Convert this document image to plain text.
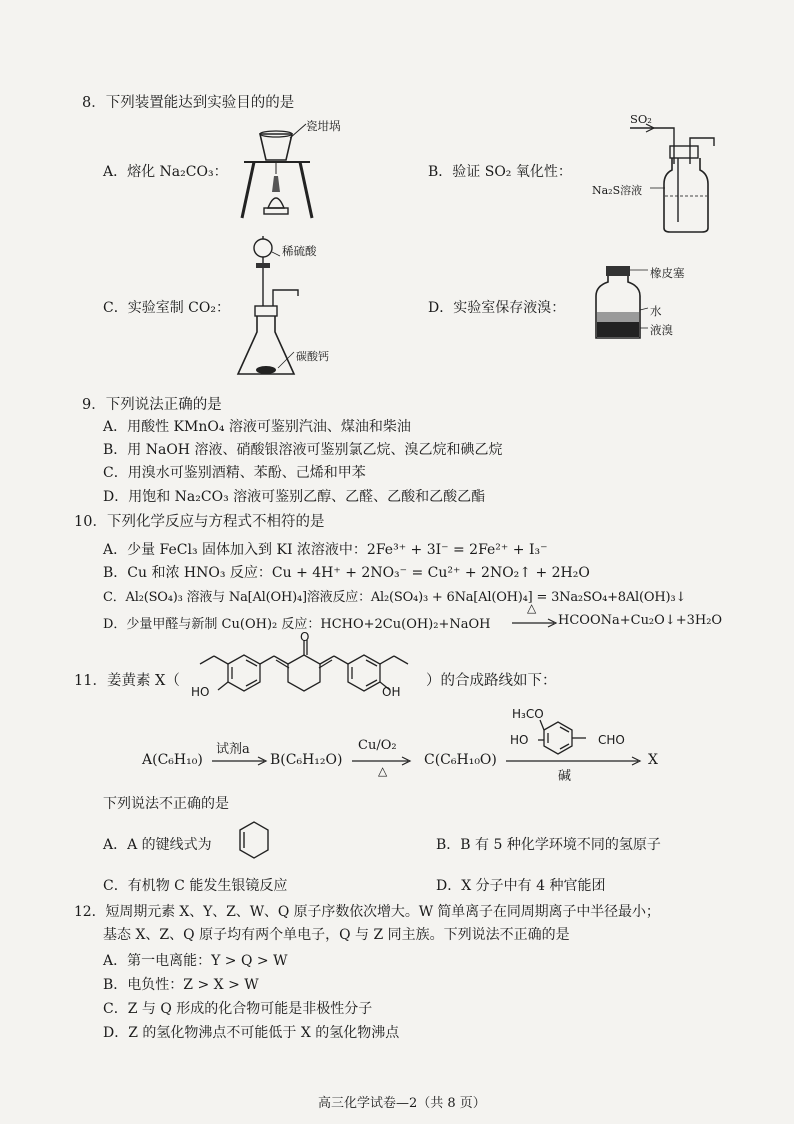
8．下列装置能达到实验目的的是
A．熔化 Na₂CO₃：
瓷坩埚
B．验证 SO₂ 氧化性：
SO₂
Na₂S溶液
C．实验室制 CO₂：
稀硫酸
碳酸钙
D．实验室保存液溴：
橡皮塞
水
液溴
9．下列说法正确的是
A．用酸性 KMnO₄ 溶液可鉴别汽油、煤油和柴油
B．用 NaOH 溶液、硝酸银溶液可鉴别氯乙烷、溴乙烷和碘乙烷
C．用溴水可鉴别酒精、苯酚、己烯和甲苯
D．用饱和 Na₂CO₃ 溶液可鉴别乙醇、乙醛、乙酸和乙酸乙酯
10．下列化学反应与方程式不相符的是
A．少量 FeCl₃ 固体加入到 KI 浓溶液中：2Fe³⁺ + 3I⁻ = 2Fe²⁺ + I₃⁻
B．Cu 和浓 HNO₃ 反应：Cu + 4H⁺ + 2NO₃⁻ = Cu²⁺ + 2NO₂↑ + 2H₂O
C．Al₂(SO₄)₃ 溶液与 Na[Al(OH)₄]溶液反应：Al₂(SO₄)₃ + 6Na[Al(OH)₄] = 3Na₂SO₄+8Al(OH)₃↓
D．少量甲醛与新制 Cu(OH)₂ 反应：HCHO+2Cu(OH)₂+NaOH
△
HCOONa+Cu₂O↓+3H₂O
11．姜黄素 X（	）的合成路线如下：
HO	OH
O
A(C₆H₁₀)
试剂a
B(C₆H₁₂O)
Cu/O₂
△
C(C₆H₁₀O)
H₃CO
HO	CHO
碱
X
下列说法不正确的是
A．A 的键线式为	B．B 有 5 种化学环境不同的氢原子
C．有机物 C 能发生银镜反应	D．X 分子中有 4 种官能团
12．短周期元素 X、Y、Z、W、Q 原子序数依次增大。W 简单离子在同周期离子中半径最小；
基态 X、Z、Q 原子均有两个单电子，Q 与 Z 同主族。下列说法不正确的是
A．第一电离能：Y > Q > W
B．电负性：Z > X > W
C．Z 与 Q 形成的化合物可能是非极性分子
D．Z 的氢化物沸点不可能低于 X 的氢化物沸点
高三化学试卷—2（共 8 页）
